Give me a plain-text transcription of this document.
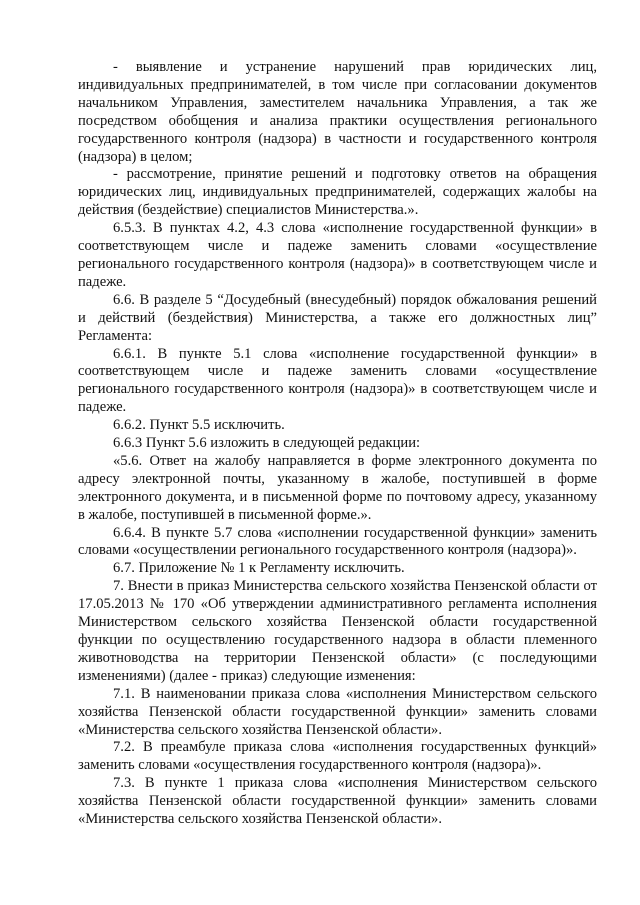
- выявление и устранение нарушений прав юридических лиц, индивидуальных предпринимателей, в том числе при согласовании документов начальником Управления, заместителем начальника Управления, а так же посредством обобщения и анализа практики осуществления регионального государственного контроля (надзора) в частности и государственного контроля (надзора) в целом;

- рассмотрение, принятие решений и подготовку ответов на обращения юридических лиц, индивидуальных предпринимателей, содержащих жалобы на действия (бездействие) специалистов Министерства.».

6.5.3. В пунктах 4.2, 4.3 слова «исполнение государственной функции» в соответствующем числе и падеже заменить словами «осуществление регионального государственного контроля (надзора)» в соответствующем числе и падеже.

6.6. В разделе 5 “Досудебный (внесудебный) порядок обжалования решений и действий (бездействия) Министерства, а также его должностных лиц” Регламента:

6.6.1. В пункте 5.1 слова «исполнение государственной функции» в соответствующем числе и падеже заменить словами «осуществление регионального государственного контроля (надзора)» в соответствующем числе и падеже.

6.6.2. Пункт 5.5 исключить.

6.6.3 Пункт 5.6 изложить в следующей редакции:

«5.6. Ответ на жалобу направляется в форме электронного документа по адресу электронной почты, указанному в жалобе, поступившей в форме электронного документа, и в письменной форме по почтовому адресу, указанному в жалобе, поступившей в письменной форме.».

6.6.4. В пункте 5.7 слова «исполнении государственной функции» заменить словами «осуществлении регионального государственного контроля (надзора)».

6.7. Приложение № 1 к Регламенту исключить.

7. Внести в приказ Министерства сельского хозяйства Пензенской области от 17.05.2013 № 170 «Об утверждении административного регламента исполнения Министерством сельского хозяйства Пензенской области государственной функции по осуществлению государственного надзора в области племенного животноводства на территории Пензенской области» (с последующими изменениями) (далее - приказ) следующие изменения:

7.1. В наименовании приказа слова «исполнения Министерством сельского хозяйства Пензенской области государственной функции» заменить словами «Министерства сельского хозяйства Пензенской области».

7.2. В преамбуле приказа слова «исполнения государственных функций» заменить словами «осуществления государственного контроля (надзора)».

7.3. В пункте 1 приказа слова «исполнения Министерством сельского хозяйства Пензенской области государственной функции» заменить словами «Министерства сельского хозяйства Пензенской области».
